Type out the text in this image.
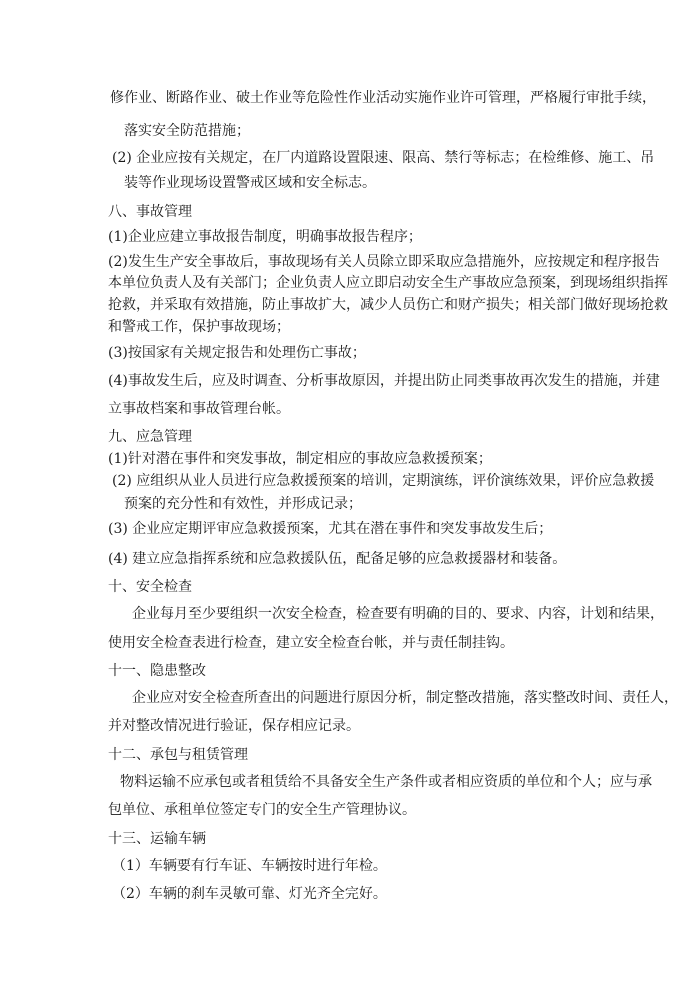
修作业、断路作业、破土作业等危险性作业活动实施作业许可管理，严格履行审批手续，
落实安全防范措施；
(2) 企业应按有关规定，在厂内道路设置限速、限高、禁行等标志；在检维修、施工、吊
装等作业现场设置警戒区域和安全标志。
八、事故管理
(1)企业应建立事故报告制度，明确事故报告程序；
(2)发生生产安全事故后，事故现场有关人员除立即采取应急措施外，应按规定和程序报告
本单位负责人及有关部门；企业负责人应立即启动安全生产事故应急预案，到现场组织指挥
抢救，并采取有效措施，防止事故扩大，减少人员伤亡和财产损失；相关部门做好现场抢救
和警戒工作，保护事故现场；
(3)按国家有关规定报告和处理伤亡事故；
(4)事故发生后，应及时调查、分析事故原因，并提出防止同类事故再次发生的措施，并建
立事故档案和事故管理台帐。
九、应急管理
(1)针对潜在事件和突发事故，制定相应的事故应急救援预案；
(2) 应组织从业人员进行应急救援预案的培训，定期演练，评价演练效果，评价应急救援
预案的充分性和有效性，并形成记录；
(3) 企业应定期评审应急救援预案，尤其在潜在事件和突发事故发生后；
(4) 建立应急指挥系统和应急救援队伍，配备足够的应急救援器材和装备。
十、安全检查
企业每月至少要组织一次安全检查，检查要有明确的目的、要求、内容，计划和结果，
使用安全检查表进行检查，建立安全检查台帐，并与责任制挂钩。
十一、隐患整改
企业应对安全检查所查出的问题进行原因分析，制定整改措施，落实整改时间、责任人，
并对整改情况进行验证，保存相应记录。
十二、承包与租赁管理
物料运输不应承包或者租赁给不具备安全生产条件或者相应资质的单位和个人；应与承
包单位、承租单位签定专门的安全生产管理协议。
十三、运输车辆
（1）车辆要有行车证、车辆按时进行年检。
（2）车辆的刹车灵敏可靠、灯光齐全完好。
